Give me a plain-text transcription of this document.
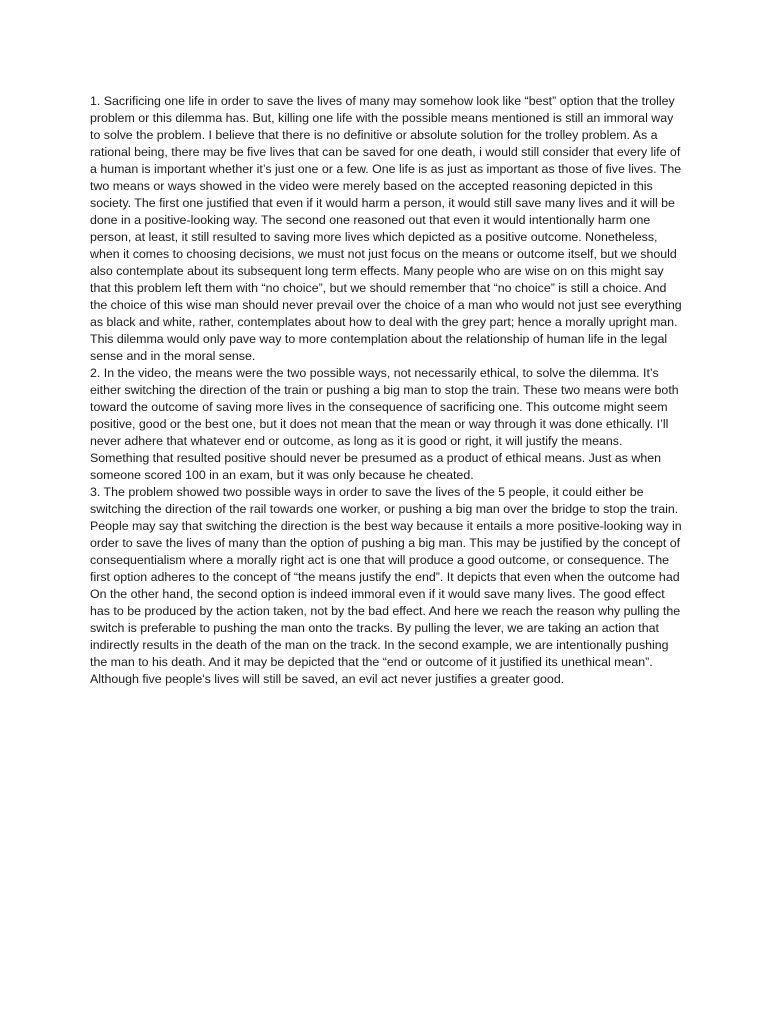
1. Sacrificing one life in order to save the lives of many may somehow look like “best” option that the trolley problem or this dilemma has. But, killing one life with the possible means mentioned is still an immoral way to solve the problem. I believe that there is no definitive or absolute solution for the trolley problem. As a rational being, there may be five lives that can be saved for one death, i would still consider that every life of a human is important whether it’s just one or a few. One life is as just as important as those of five lives. The two means or ways showed in the video were merely based on the accepted reasoning depicted in this society. The first one justified that even if it would harm a person, it would still save many lives and it will be done in a positive-looking way. The second one reasoned out that even it would intentionally harm one person, at least, it still resulted to saving more lives which depicted as a positive outcome. Nonetheless, when it comes to choosing decisions, we must not just focus on the means or outcome itself, but we should also contemplate about its subsequent long term effects. Many people who are wise on on this might say that this problem left them with “no choice”, but we should remember that “no choice” is still a choice. And the choice of this wise man should never prevail over the choice of a man who would not just see everything as black and white, rather, contemplates about how to deal with the grey part; hence a morally upright man. This dilemma would only pave way to more contemplation about the relationship of human life in the legal sense and in the moral sense.

2. In the video, the means were the two possible ways, not necessarily ethical, to solve the dilemma. It’s either switching the direction of the train or pushing a big man to stop the train. These two means were both toward the outcome of saving more lives in the consequence of sacrificing one. This outcome might seem positive, good or the best one, but it does not mean that the mean or way through it was done ethically. I’ll never adhere that whatever end or outcome, as long as it is good or right, it will justify the means. Something that resulted positive should never be presumed as a product of ethical means. Just as when someone scored 100 in an exam, but it was only because he cheated.

3. The problem showed two possible ways in order to save the lives of the 5 people, it could either be switching the direction of the rail towards one worker, or pushing a big man over the bridge to stop the train. People may say that switching the direction is the best way because it entails a more positive-looking way in order to save the lives of many than the option of pushing a big man. This may be justified by the concept of consequentialism where a morally right act is one that will produce a good outcome, or consequence. The first option adheres to the concept of “the means justify the end”. It depicts that even when the outcome had On the other hand, the second option is indeed immoral even if it would save many lives. The good effect has to be produced by the action taken, not by the bad effect. And here we reach the reason why pulling the switch is preferable to pushing the man onto the tracks. By pulling the lever, we are taking an action that indirectly results in the death of the man on the track. In the second example, we are intentionally pushing the man to his death. And it may be depicted that the “end or outcome of it justified its unethical mean”. Although five people's lives will still be saved, an evil act never justifies a greater good.
